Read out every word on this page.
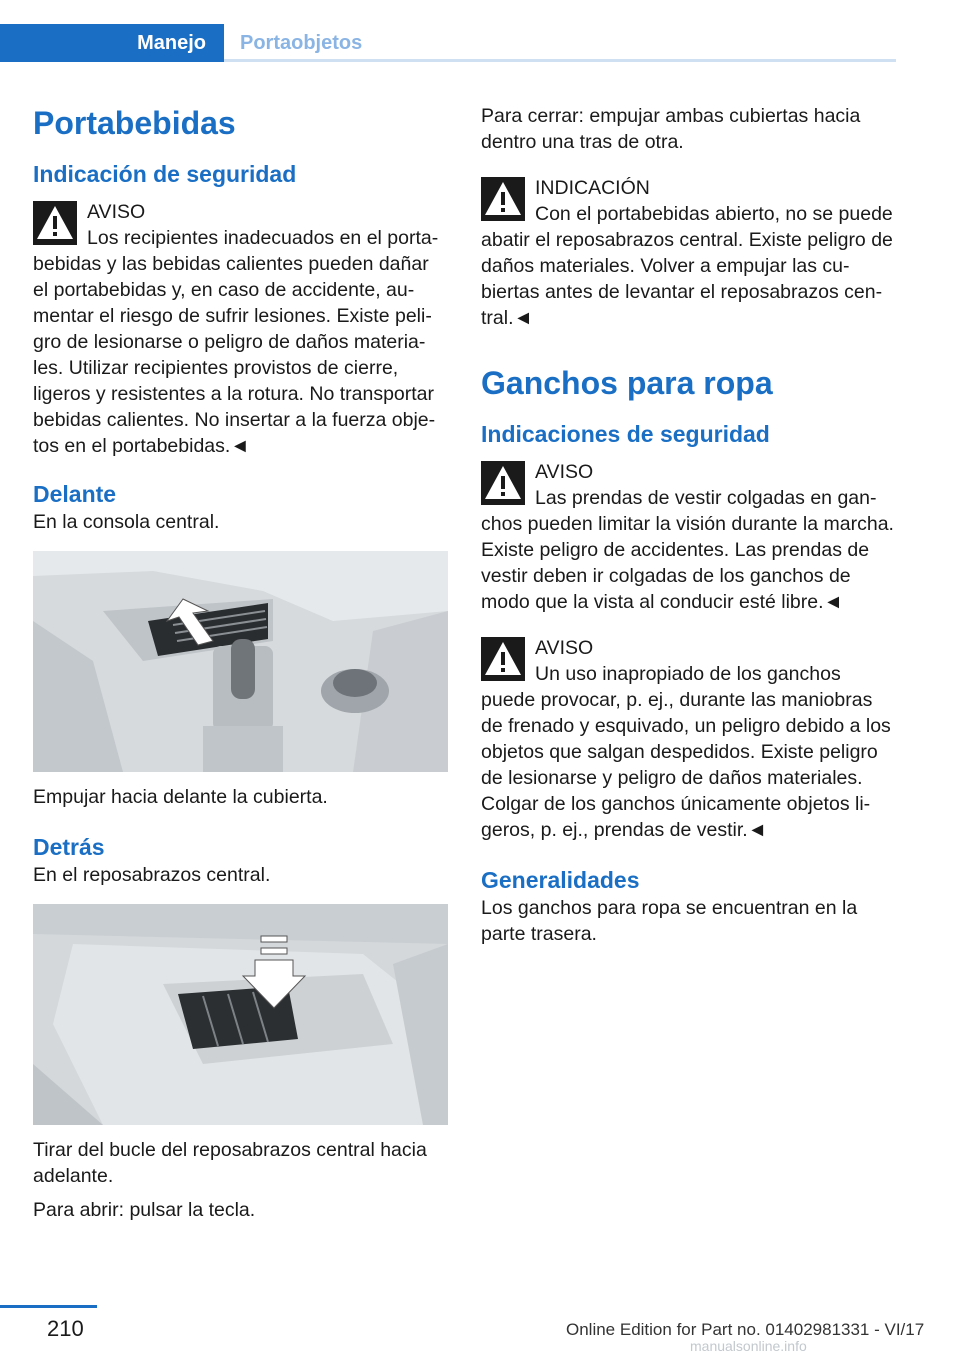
Manejo	Portaobjetos
Portabebidas
Indicación de seguridad
AVISO

Los recipientes inadecuados en el portabebidas y las bebidas calientes pueden dañar el portabebidas y, en caso de accidente, aumentar el riesgo de sufrir lesiones. Existe peligro de lesionarse o peligro de daños materiales. Utilizar recipientes provistos de cierre, ligeros y resistentes a la rotura. No transportar bebidas calientes. No insertar a la fuerza objetos en el portabebidas.◄

Delante

En la consola central.

Empujar hacia delante la cubierta.

Detrás

En el reposabrazos central.

Tirar del bucle del reposabrazos central hacia adelante.

Para abrir: pulsar la tecla.

Para cerrar: empujar ambas cubiertas hacia dentro una tras de otra.

INDICACIÓN

Con el portabebidas abierto, no se puede abatir el reposabrazos central. Existe peligro de daños materiales. Volver a empujar las cubiertas antes de levantar el reposabrazos central.◄

Ganchos para ropa
Indicaciones de seguridad
AVISO

Las prendas de vestir colgadas en ganchos pueden limitar la visión durante la marcha. Existe peligro de accidentes. Las prendas de vestir deben ir colgadas de los ganchos de modo que la vista al conducir esté libre.◄

AVISO

Un uso inapropiado de los ganchos puede provocar, p. ej., durante las maniobras de frenado y esquivado, un peligro debido a los objetos que salgan despedidos. Existe peligro de lesionarse y peligro de daños materiales. Colgar de los ganchos únicamente objetos ligeros, p. ej., prendas de vestir.◄

Generalidades

Los ganchos para ropa se encuentran en la parte trasera.

210	Online Edition for Part no. 01402981331 - VI/17
manualsonline.info
